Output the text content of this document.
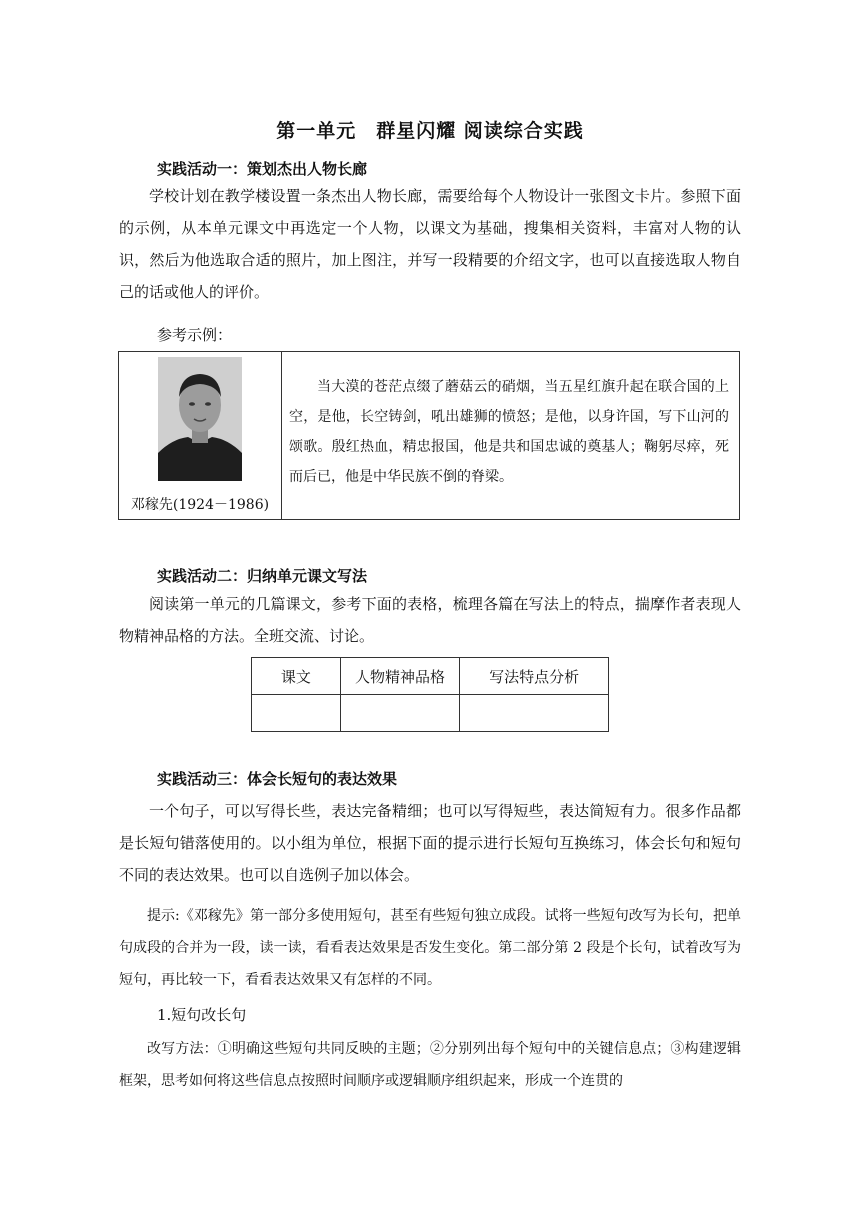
第一单元　群星闪耀 阅读综合实践
实践活动一：策划杰出人物长廊

学校计划在教学楼设置一条杰出人物长廊，需要给每个人物设计一张图文卡片。参照下面的示例，从本单元课文中再选定一个人物，以课文为基础，搜集相关资料，丰富对人物的认识，然后为他选取合适的照片，加上图注，并写一段精要的介绍文字，也可以直接选取人物自己的话或他人的评价。

参考示例：
邓稼先(1924－1986)

当大漠的苍茫点缀了蘑菇云的硝烟，当五星红旗升起在联合国的上空，是他，长空铸剑，吼出雄狮的愤怒；是他，以身许国，写下山河的颂歌。殷红热血，精忠报国，他是共和国忠诚的奠基人；鞠躬尽瘁，死而后已，他是中华民族不倒的脊梁。

实践活动二：归纳单元课文写法

阅读第一单元的几篇课文，参考下面的表格，梳理各篇在写法上的特点，揣摩作者表现人物精神品格的方法。全班交流、讨论。

课文	人物精神品格	写法特点分析

实践活动三：体会长短句的表达效果

一个句子，可以写得长些，表达完备精细；也可以写得短些，表达简短有力。很多作品都是长短句错落使用的。以小组为单位，根据下面的提示进行长短句互换练习，体会长句和短句不同的表达效果。也可以自选例子加以体会。

提示:《邓稼先》第一部分多使用短句，甚至有些短句独立成段。试将一些短句改写为长句，把单句成段的合并为一段，读一读，看看表达效果是否发生变化。第二部分第 2 段是个长句，试着改写为短句，再比较一下，看看表达效果又有怎样的不同。

1.短句改长句

改写方法：①明确这些短句共同反映的主题；②分别列出每个短句中的关键信息点；③构建逻辑框架，思考如何将这些信息点按照时间顺序或逻辑顺序组织起来，形成一个连贯的
